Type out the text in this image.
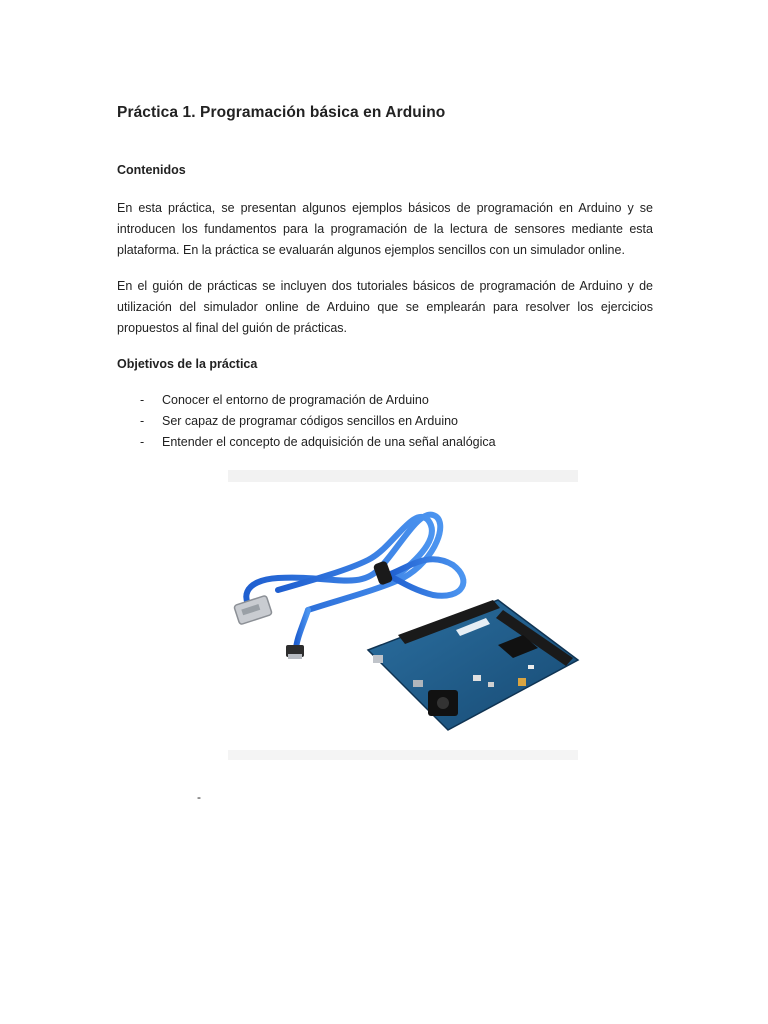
Práctica 1. Programación básica en Arduino
Contenidos

En esta práctica, se presentan algunos ejemplos básicos de programación en Arduino y se introducen los fundamentos para la programación de la lectura de sensores mediante esta plataforma. En la práctica se evaluarán algunos ejemplos sencillos con un simulador online.

En el guión de prácticas se incluyen dos tutoriales básicos de programación de Arduino y de utilización del simulador online de Arduino que se emplearán para resolver los ejercicios propuestos al final del guión de prácticas.

Objetivos de la práctica
- Conocer el entorno de programación de Arduino
- Ser capaz de programar códigos sencillos en Arduino
- Entender el concepto de adquisición de una señal analógica
-
